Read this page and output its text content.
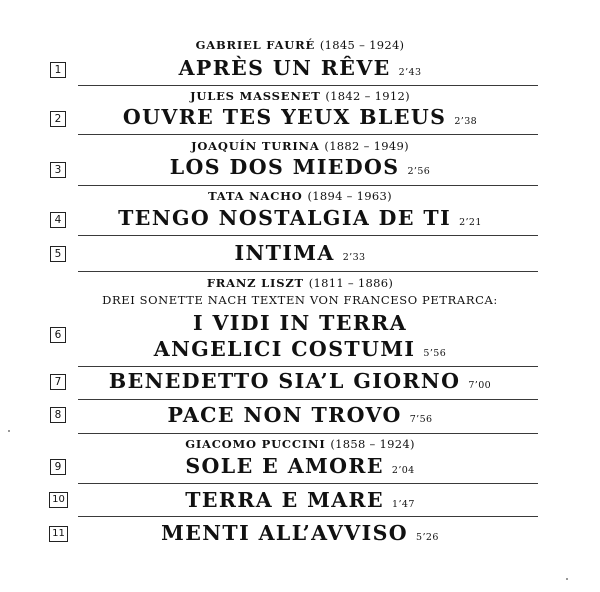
GABRIEL FAURÉ (1845 – 1924)
1	APRÈS UN RÊVE 2’43
JULES MASSENET (1842 – 1912)
2	OUVRE TES YEUX BLEUS 2’38
JOAQUÍN TURINA (1882 – 1949)
3	LOS DOS MIEDOS 2’56
TATA NACHO (1894 – 1963)
4	TENGO NOSTALGIA DE TI 2’21
5	INTIMA 2’33
FRANZ LISZT (1811 – 1886)
DREI SONETTE NACH TEXTEN VON FRANCESO PETRARCA:
6	I VIDI IN TERRA
ANGELICI COSTUMI 5’56
7	BENEDETTO SIA’L GIORNO 7’00
8	PACE NON TROVO 7’56
GIACOMO PUCCINI (1858 – 1924)
9	SOLE E AMORE 2’04
10	TERRA E MARE 1’47
11	MENTI ALL’AVVISO 5’26
